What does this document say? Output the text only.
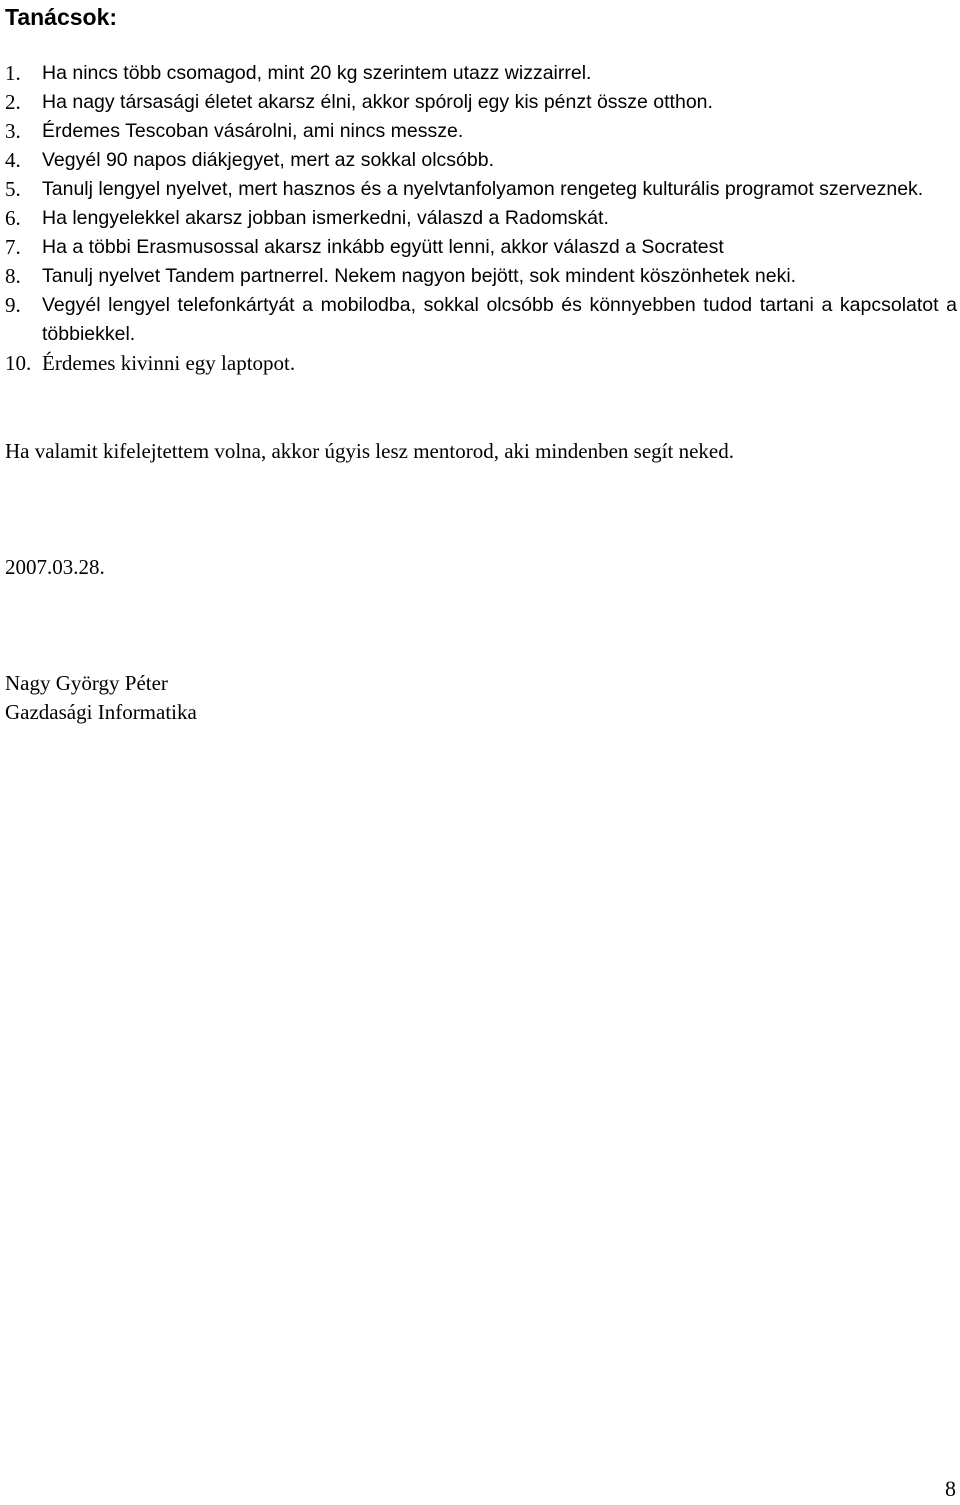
Tanácsok:
1. Ha nincs több csomagod, mint 20 kg szerintem utazz wizzairrel.
2. Ha nagy társasági életet akarsz élni, akkor spórolj egy kis pénzt össze otthon.
3. Érdemes Tescoban vásárolni, ami nincs messze.
4. Vegyél 90 napos diákjegyet, mert az sokkal olcsóbb.
5. Tanulj lengyel nyelvet, mert hasznos és a nyelvtanfolyamon rengeteg kulturális programot szerveznek.
6. Ha lengyelekkel akarsz jobban ismerkedni, válaszd a Radomskát.
7. Ha a többi Erasmusossal akarsz inkább együtt lenni, akkor válaszd a Socratest
8. Tanulj nyelvet Tandem partnerrel. Nekem nagyon bejött, sok mindent köszönhetek neki.
9. Vegyél lengyel telefonkártyát a mobilodba, sokkal olcsóbb és könnyebben tudod tartani a kapcsolatot a többiekkel.
10. Érdemes kivinni egy laptopot.
Ha valamit kifelejtettem volna, akkor úgyis lesz mentorod, aki mindenben segít neked.
2007.03.28.
Nagy György Péter
Gazdasági Informatika
8
